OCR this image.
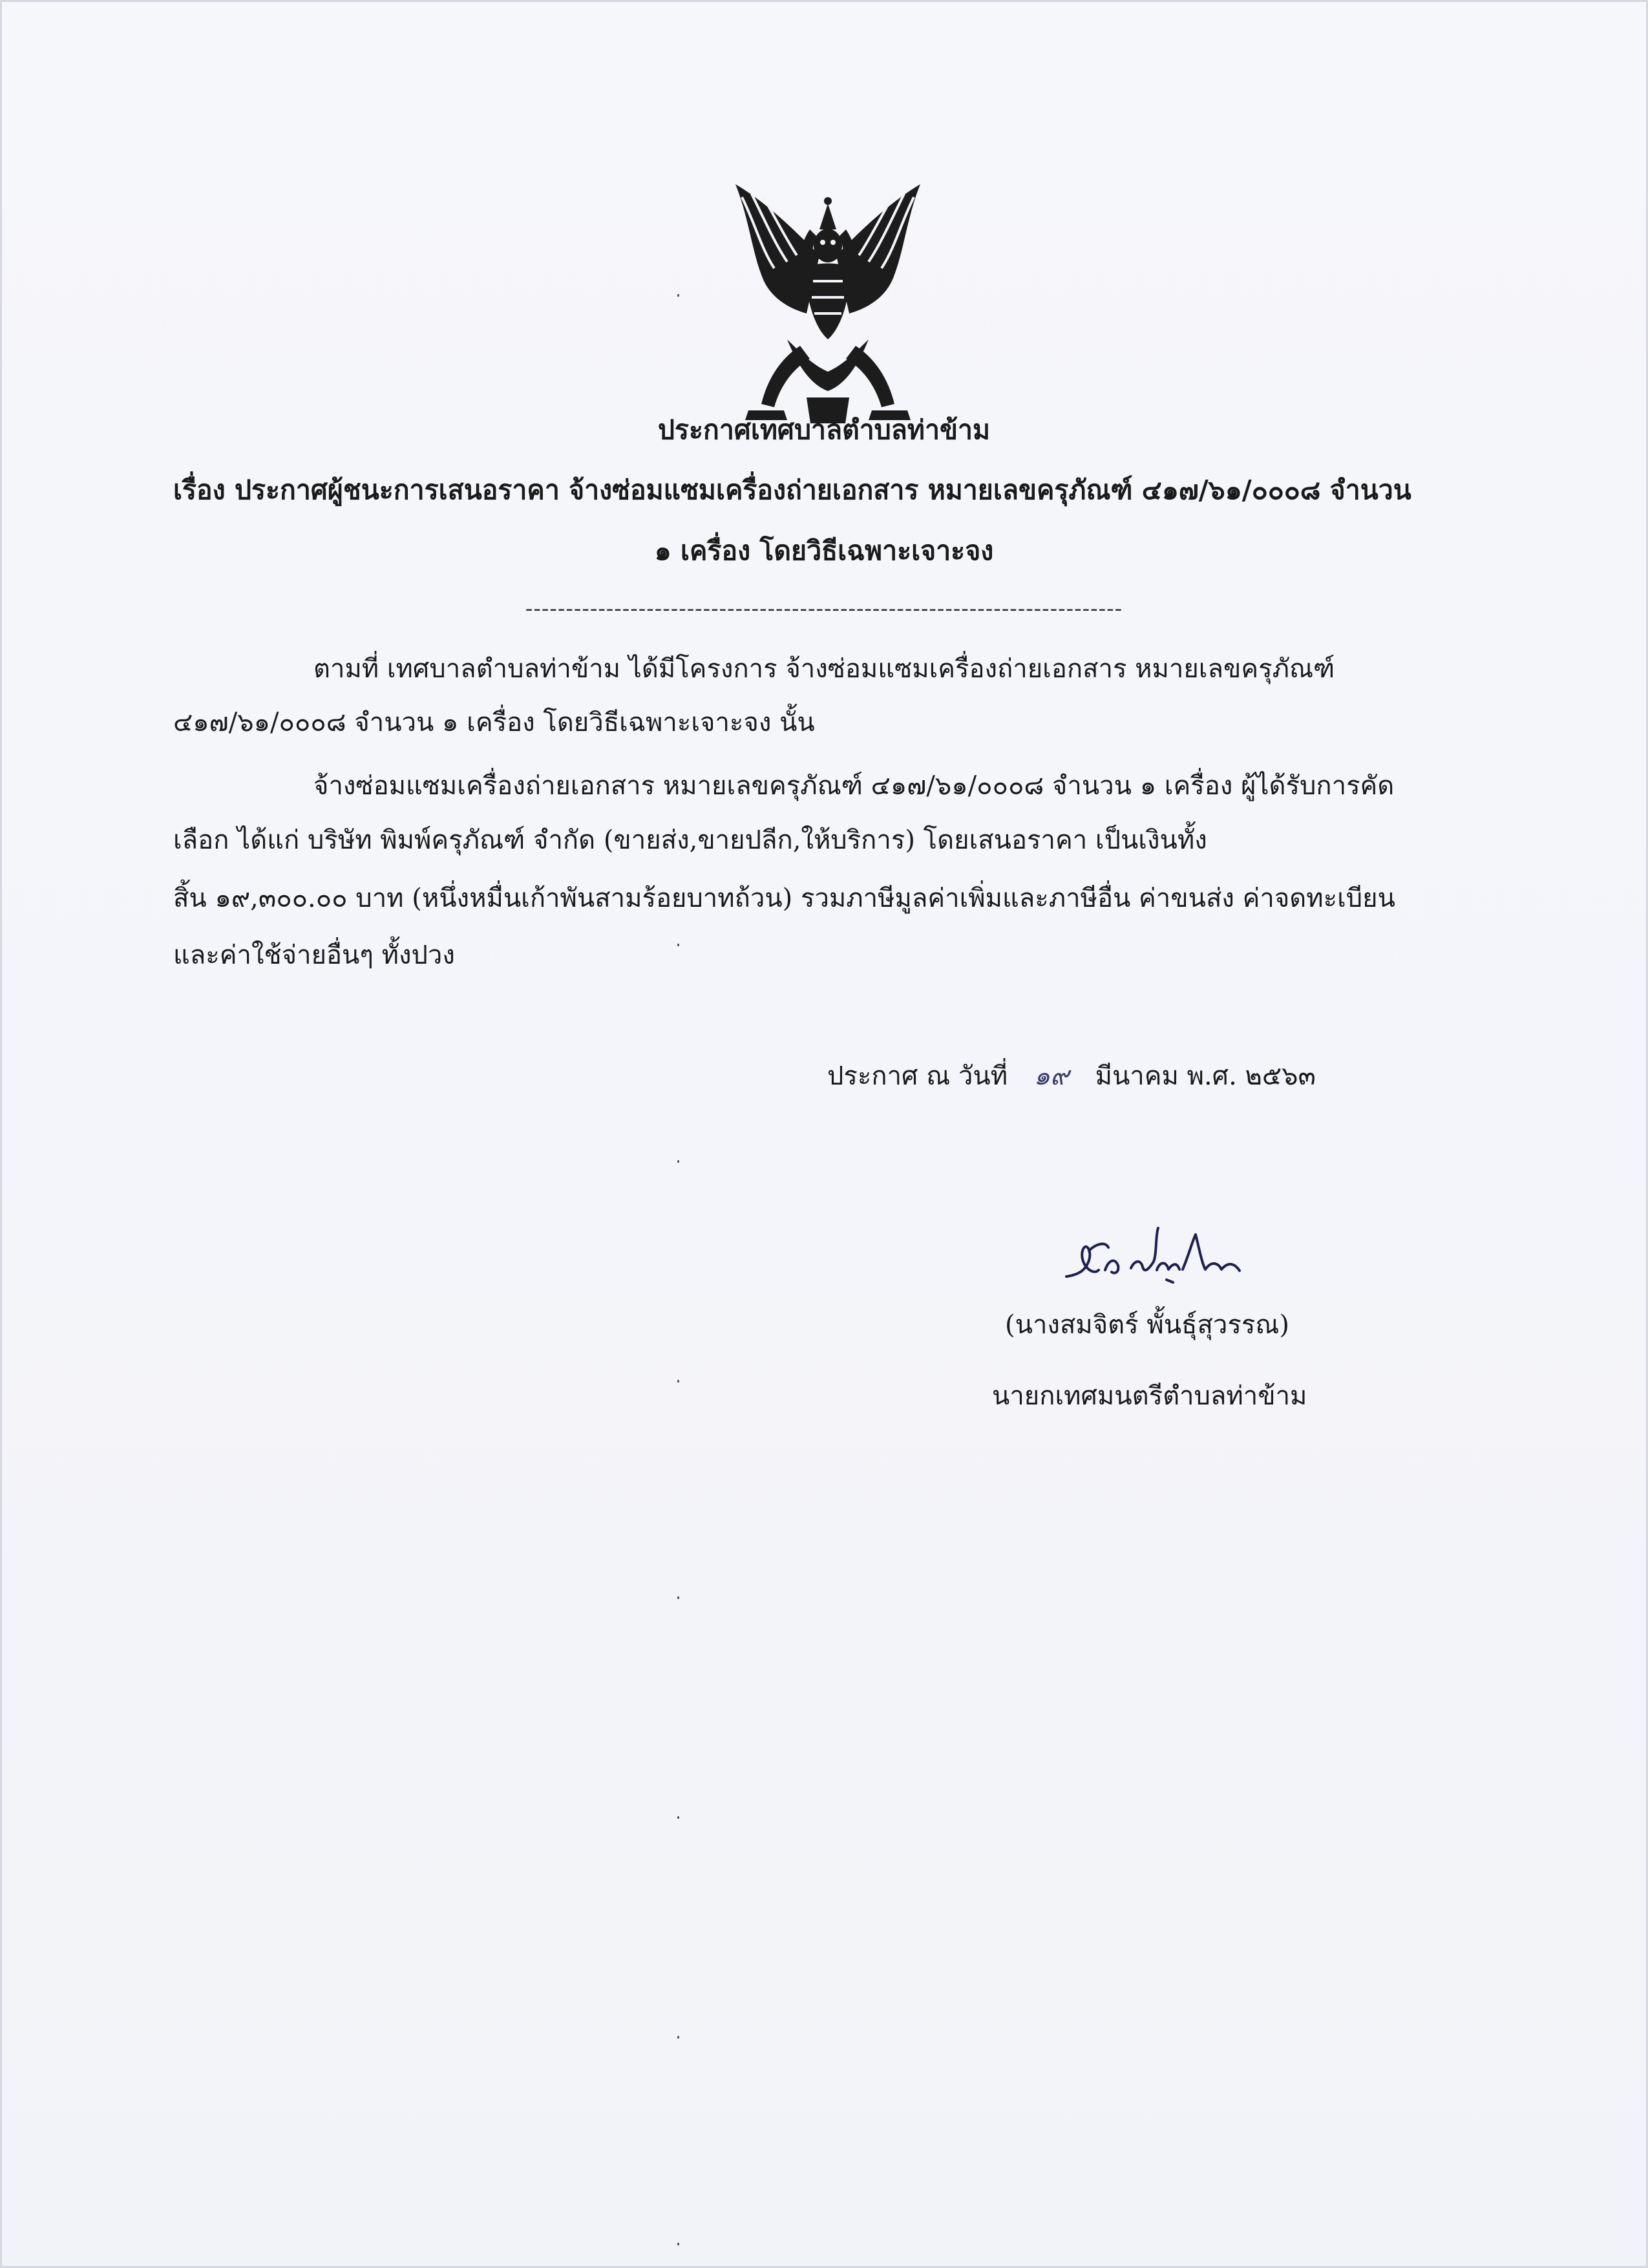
ประกาศเทศบาลตำบลท่าข้าม
เรื่อง ประกาศผู้ชนะการเสนอราคา จ้างซ่อมแซมเครื่องถ่ายเอกสาร หมายเลขครุภัณฑ์ ๔๑๗/๖๑/๐๐๐๘ จำนวน
๑ เครื่อง โดยวิธีเฉพาะเจาะจง
--------------------------------------------------------------------------
ตามที่ เทศบาลตำบลท่าข้าม ได้มีโครงการ จ้างซ่อมแซมเครื่องถ่ายเอกสาร หมายเลขครุภัณฑ์
๔๑๗/๖๑/๐๐๐๘ จำนวน ๑ เครื่อง โดยวิธีเฉพาะเจาะจง นั้น
จ้างซ่อมแซมเครื่องถ่ายเอกสาร หมายเลขครุภัณฑ์ ๔๑๗/๖๑/๐๐๐๘ จำนวน ๑ เครื่อง ผู้ได้รับการคัด
เลือก ได้แก่ บริษัท พิมพ์ครุภัณฑ์ จำกัด (ขายส่ง,ขายปลีก,ให้บริการ) โดยเสนอราคา เป็นเงินทั้ง
สิ้น ๑๙,๓๐๐.๐๐ บาท (หนึ่งหมื่นเก้าพันสามร้อยบาทถ้วน) รวมภาษีมูลค่าเพิ่มและภาษีอื่น ค่าขนส่ง ค่าจดทะเบียน
และค่าใช้จ่ายอื่นๆ ทั้งปวง
ประกาศ ณ วันที่ ๑๙ มีนาคม พ.ศ. ๒๕๖๓
(นางสมจิตร์ พั้นธุ์สุวรรณ)
นายกเทศมนตรีตำบลท่าข้าม
